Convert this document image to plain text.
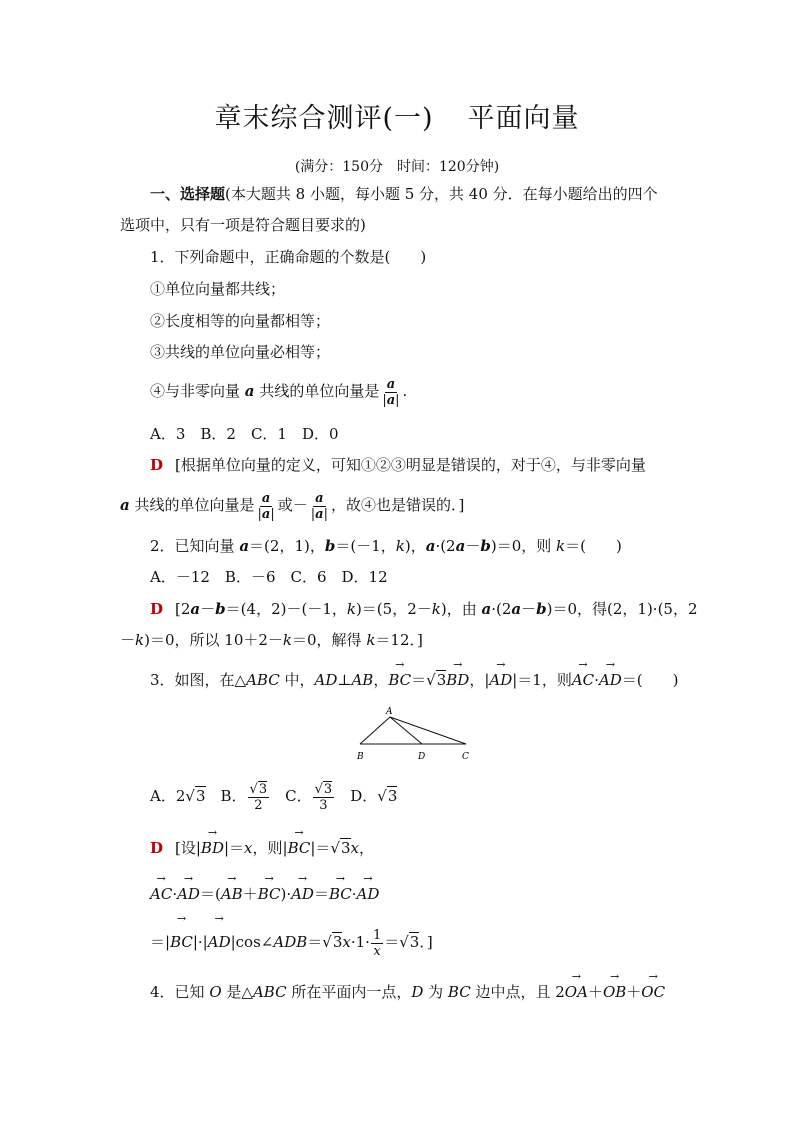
章末综合测评(一) 平面向量
(满分：150分　时间：120分钟)
一、选择题(本大题共 8 小题，每小题 5 分，共 40 分．在每小题给出的四个
选项中，只有一项是符合题目要求的)
1．下列命题中，正确命题的个数是(　　)
①单位向量都共线；
②长度相等的向量都相等；
③共线的单位向量必相等；
④与非零向量 a 共线的单位向量是 $\frac{a}{|a|}$ .
A．3　B．2　C．1　D．0
D [根据单位向量的定义，可知①②③明显是错误的，对于④，与非零向量
a 共线的单位向量是 $\frac{a}{|a|}$ 或－ $\frac{a}{|a|}$ ，故④也是错误的．]
2．已知向量 a＝(2，1)，b＝(－1，k)，a·(2a－b)＝0，则 k＝(　　)
A．－12　B．－6　C．6　D．12
D [2a－b＝(4，2)－(－1，k)＝(5，2－k)，由 a·(2a－b)＝0，得(2，1)·(5，2
－k)＝0，所以 10＋2－k＝0，解得 k＝12．]
3．如图，在△ABC 中，AD⊥AB，→ BC＝√3→ BD，|→ AD|＝1，则→ AC·→ AD＝(　　)
A
B	D	C
A．2√3　 B． $\frac{√3}{2}$
　 C． $\frac{√3}{3}$
　 D．√3
D [设|→ BD|＝x，则|→ BC|＝√3x，
→ AC·→ AD＝(→ AB＋→ BC)·→ AD＝→ BC·→ AD
＝|→ BC|·|→ AD|cos∠ADB＝√3x·1· $\frac{1}{x} =√3$．]
4．已知 O 是△ABC 所在平面内一点，D 为 BC 边中点，且 2→ OA＋→ OB＋→ OC
